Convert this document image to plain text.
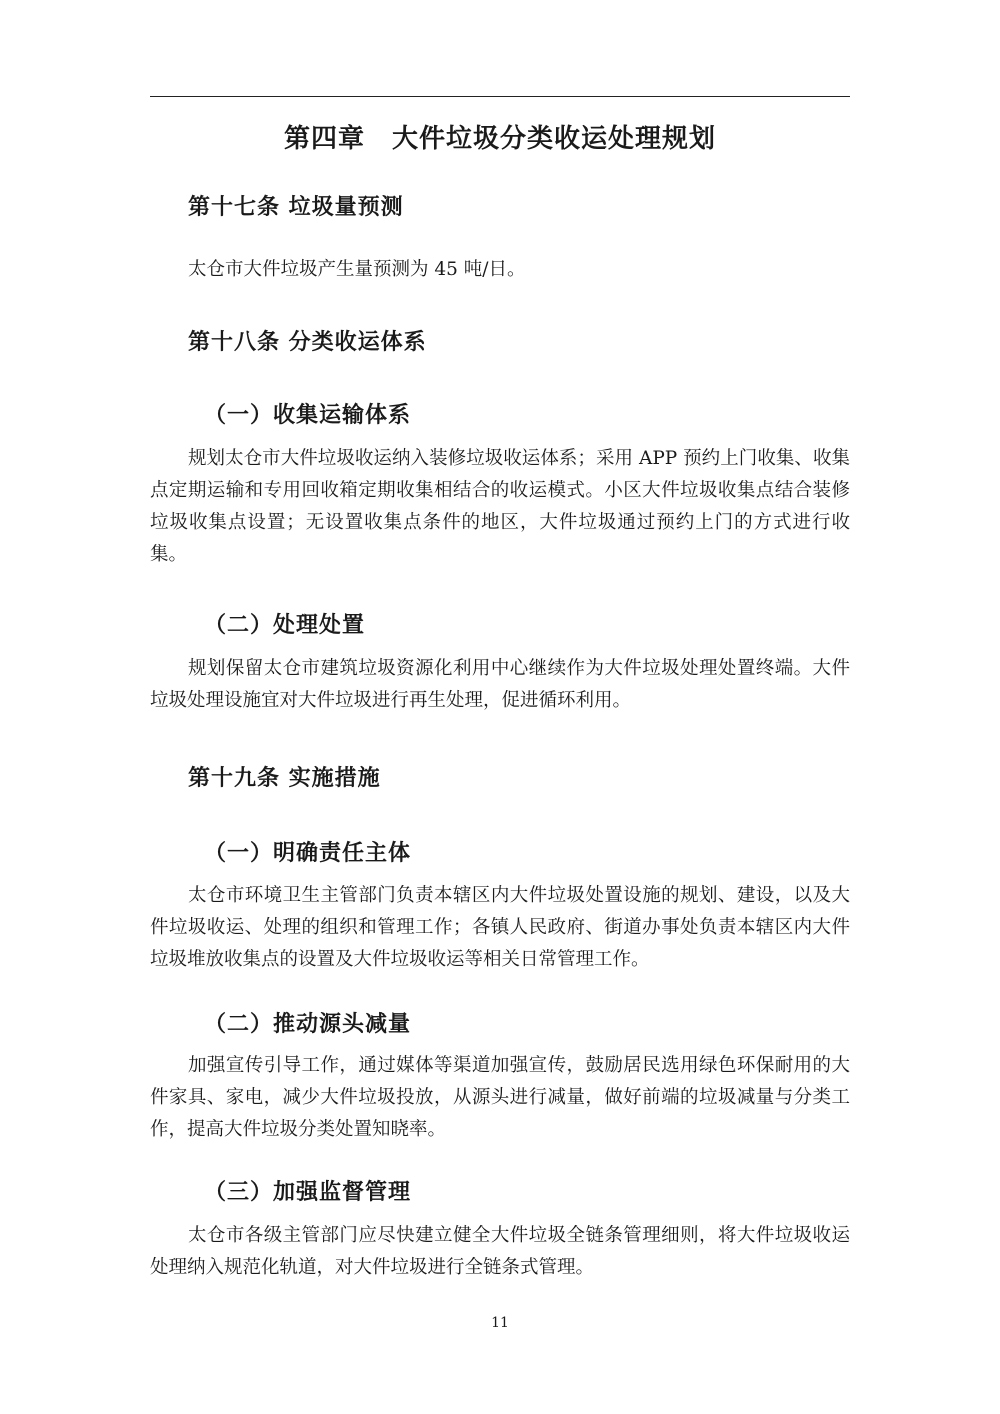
第四章　大件垃圾分类收运处理规划
第十七条 垃圾量预测

太仓市大件垃圾产生量预测为 45 吨/日。

第十八条 分类收运体系
（一）收集运输体系

规划太仓市大件垃圾收运纳入装修垃圾收运体系；采用 APP 预约上门收集、收集点定期运输和专用回收箱定期收集相结合的收运模式。小区大件垃圾收集点结合装修垃圾收集点设置；无设置收集点条件的地区，大件垃圾通过预约上门的方式进行收集。

（二）处理处置

规划保留太仓市建筑垃圾资源化利用中心继续作为大件垃圾处理处置终端。大件垃圾处理设施宜对大件垃圾进行再生处理，促进循环利用。

第十九条 实施措施
（一）明确责任主体

太仓市环境卫生主管部门负责本辖区内大件垃圾处置设施的规划、建设，以及大件垃圾收运、处理的组织和管理工作；各镇人民政府、街道办事处负责本辖区内大件垃圾堆放收集点的设置及大件垃圾收运等相关日常管理工作。

（二）推动源头减量

加强宣传引导工作，通过媒体等渠道加强宣传，鼓励居民选用绿色环保耐用的大件家具、家电，减少大件垃圾投放，从源头进行减量，做好前端的垃圾减量与分类工作，提高大件垃圾分类处置知晓率。

（三）加强监督管理

太仓市各级主管部门应尽快建立健全大件垃圾全链条管理细则，将大件垃圾收运处理纳入规范化轨道，对大件垃圾进行全链条式管理。

11
